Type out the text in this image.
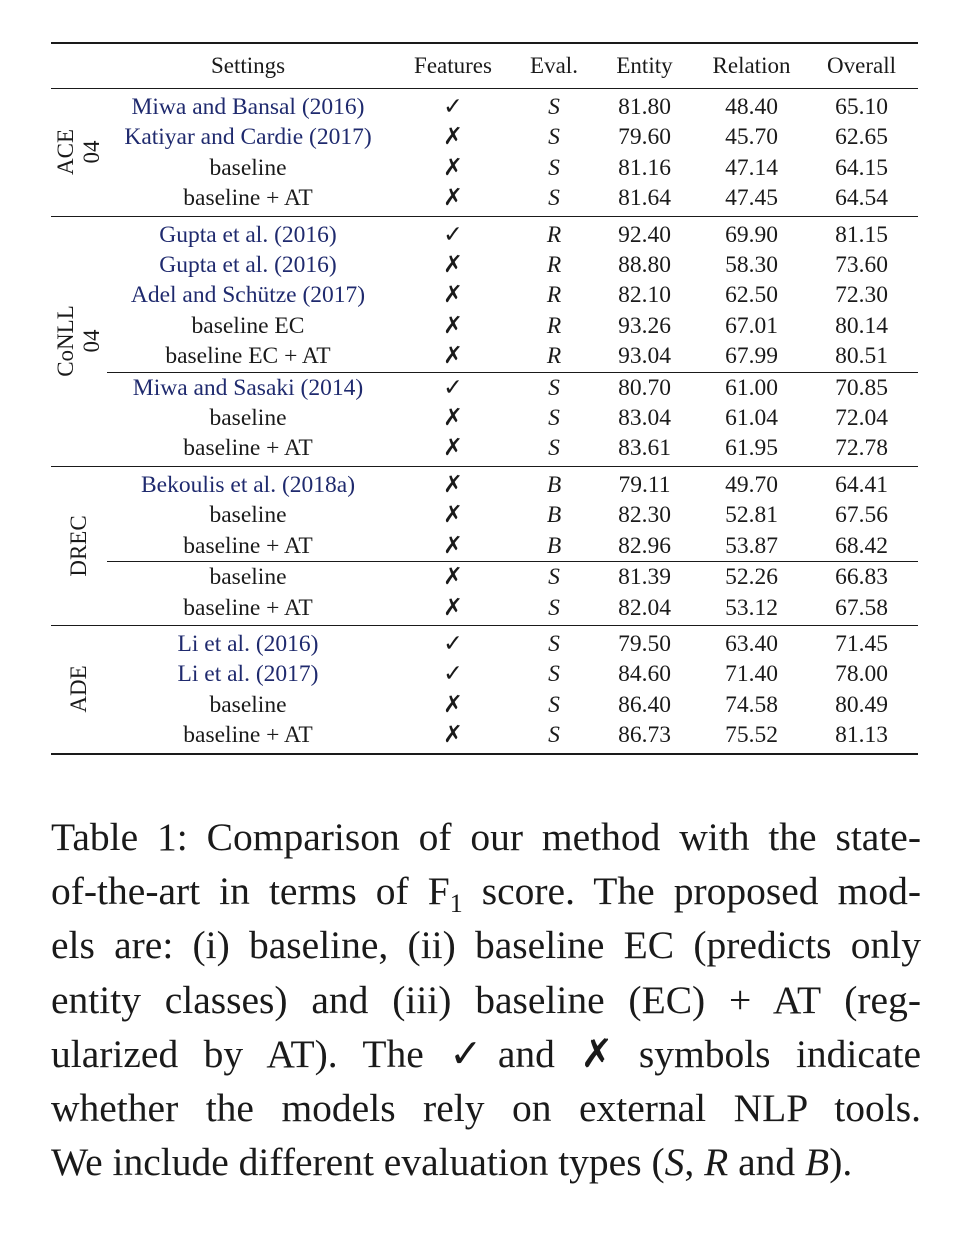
	Settings	Features	Eval.	Entity	Relation	Overall

ACE
04	Miwa and Bansal (2016)	✓	S	81.80	48.40	65.10
	Katiyar and Cardie (2017)	✗	S	79.60	45.70	62.65
	baseline	✗	S	81.16	47.14	64.15
	baseline + AT	✗	S	81.64	47.45	64.54

CoNLL
04	Gupta et al. (2016)	✓	R	92.40	69.90	81.15
	Gupta et al. (2016)	✗	R	88.80	58.30	73.60
	Adel and Schütze (2017)	✗	R	82.10	62.50	72.30
	baseline EC	✗	R	93.26	67.01	80.14
	baseline EC + AT	✗	R	93.04	67.99	80.51
	Miwa and Sasaki (2014)	✓	S	80.70	61.00	70.85
	baseline	✗	S	83.04	61.04	72.04
	baseline + AT	✗	S	83.61	61.95	72.78

DREC	Bekoulis et al. (2018a)	✗	B	79.11	49.70	64.41
	baseline	✗	B	82.30	52.81	67.56
	baseline + AT	✗	B	82.96	53.87	68.42
	baseline	✗	S	81.39	52.26	66.83
	baseline + AT	✗	S	82.04	53.12	67.58

ADE	Li et al. (2016)	✓	S	79.50	63.40	71.45
	Li et al. (2017)	✓	S	84.60	71.40	78.00
	baseline	✗	S	86.40	74.58	80.49
	baseline + AT	✗	S	86.73	75.52	81.13
Table 1: Comparison of our method with the state-
of-the-art in terms of $F_1$ score. The proposed mod-
els are: (i) baseline, (ii) baseline EC (predicts only
entity classes) and (iii) baseline (EC) + AT (reg-
ularized by AT). The ✓and ✗ symbols indicate
whether the models rely on external NLP tools.
We include different evaluation types (S, R and B).
